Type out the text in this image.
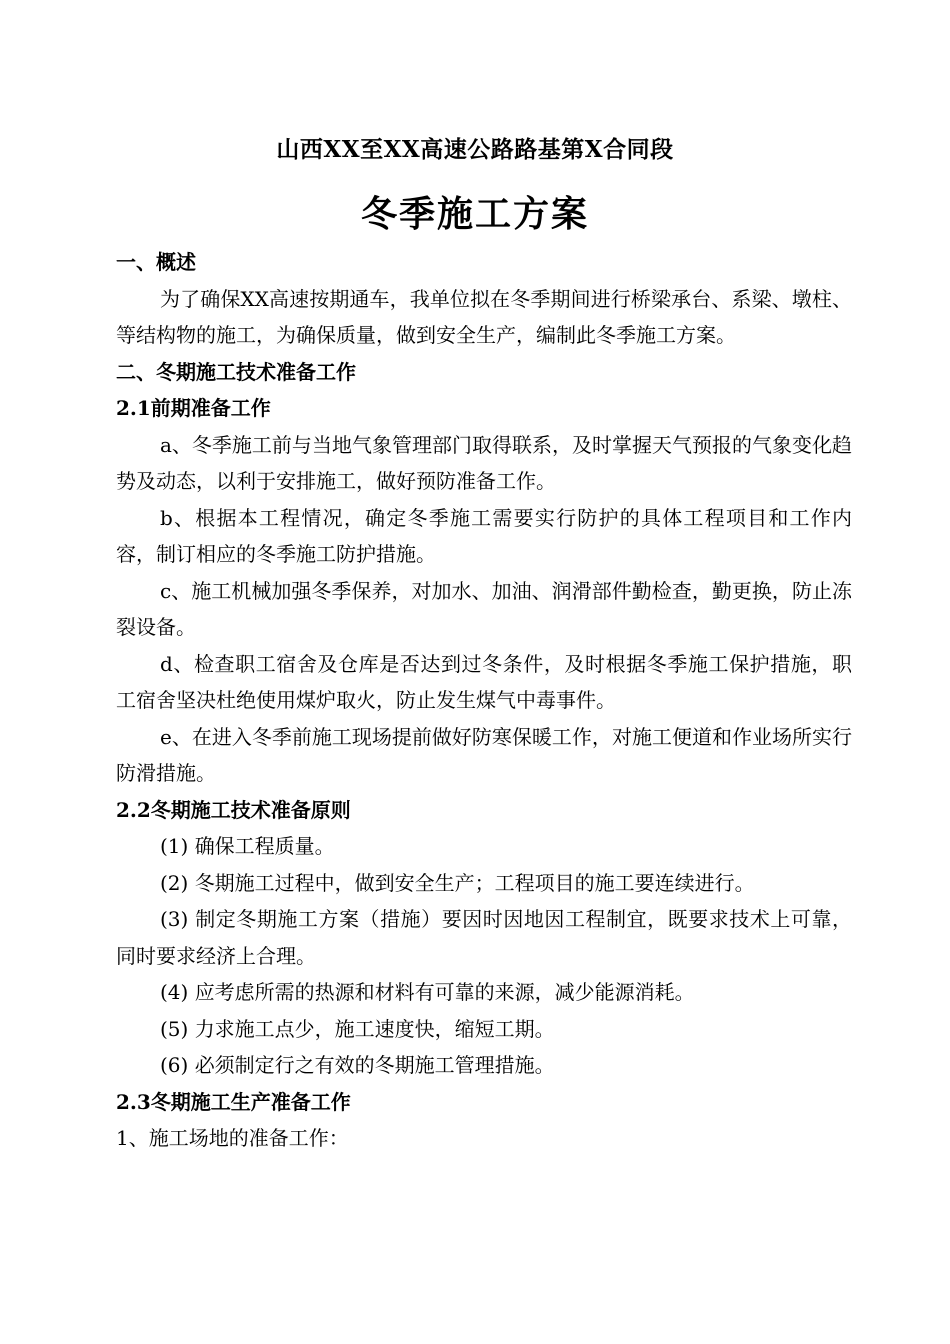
山西XX至XX高速公路路基第X合同段
冬季施工方案

一、概述

为了确保XX高速按期通车，我单位拟在冬季期间进行桥梁承台、系梁、墩柱、等结构物的施工，为确保质量，做到安全生产，编制此冬季施工方案。

二、冬期施工技术准备工作

2.1前期准备工作

a、冬季施工前与当地气象管理部门取得联系，及时掌握天气预报的气象变化趋势及动态，以利于安排施工，做好预防准备工作。

b、根据本工程情况，确定冬季施工需要实行防护的具体工程项目和工作内容，制订相应的冬季施工防护措施。

c、施工机械加强冬季保养，对加水、加油、润滑部件勤检查，勤更换，防止冻裂设备。

d、检查职工宿舍及仓库是否达到过冬条件，及时根据冬季施工保护措施，职工宿舍坚决杜绝使用煤炉取火，防止发生煤气中毒事件。

e、在进入冬季前施工现场提前做好防寒保暖工作，对施工便道和作业场所实行防滑措施。

2.2冬期施工技术准备原则

(1) 确保工程质量。

(2) 冬期施工过程中，做到安全生产；工程项目的施工要连续进行。

(3) 制定冬期施工方案（措施）要因时因地因工程制宜，既要求技术上可靠，同时要求经济上合理。

(4) 应考虑所需的热源和材料有可靠的来源，减少能源消耗。

(5) 力求施工点少，施工速度快，缩短工期。

(6) 必须制定行之有效的冬期施工管理措施。

2.3冬期施工生产准备工作

1、施工场地的准备工作：
